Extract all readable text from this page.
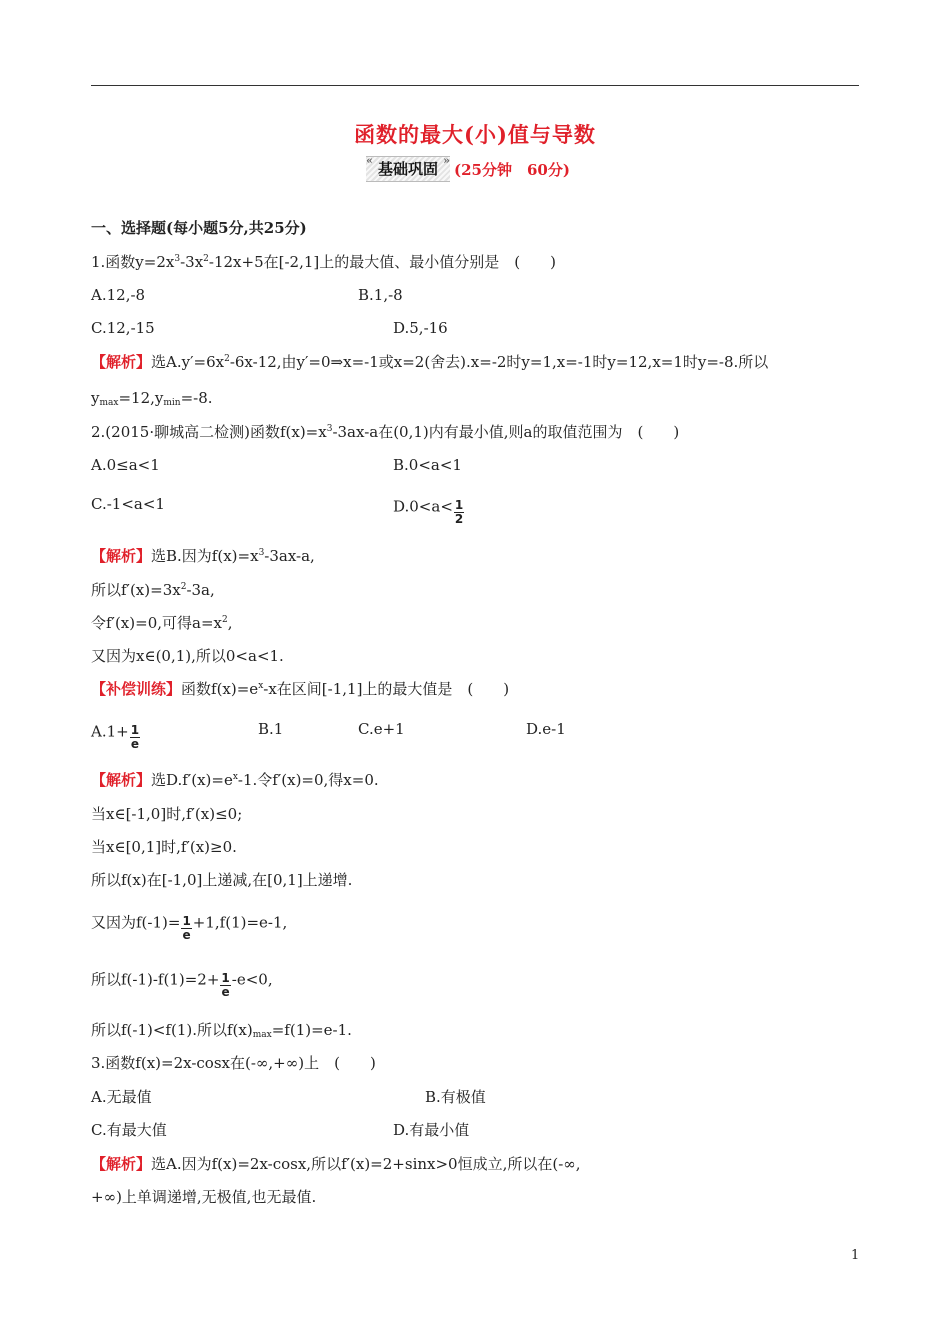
函数的最大(小)值与导数
« 基础巩固 »	(25分钟　60分)
一、选择题(每小题5分,共25分)
1.函数$y=2x^3-3x^2-12x+5$在[-2,1]上的最大值、最小值分别是　(　　)
A.12,-8	B.1,-8
C.12,-15	D.5,-16
【解析】选$A.y'=6x^2-6x-12$,由y′=0⇒x=-1或x=2(舍去).x=-2时y=1,x=-1时y=12,x=1时y=-8.所以
$y_{max}=12,y_{min}=-8$.
2.(2015·聊城高二检测)函数$f(x)=x^3-3ax-a$在(0,1)内有最小值,则a的取值范围为　(　　)
A.0≤a<1	B.0<a<1
C.-1<a<1	$D.0<a< \frac{1}{2}$
【解析】选B.因为$f(x)=x^3-3ax-a$,
所以$f'(x)=3x^2-3a$,
令f′(x)=0,可得$a=x^2$,
又因为x∈(0,1),所以0<a<1.
【补偿训练】函数$f(x)=e^x-x$在区间[-1,1]上的最大值是　(　　)
$A.1+ \frac{1}{e}$	B.1	C.e+1	D.e-1
【解析】选$D.f'(x)=e^x-1$.令f′(x)=0,得x=0.
当x∈[-1,0]时,f′(x)≤0;
当x∈[0,1]时,f′(x)≥0.
所以f(x)在[-1,0]上递减,在[0,1]上递增.
又因为$f(-1)= \frac{1}{e} +1,f(1)=e-1$,
所以$f(-1)-f(1)=2+ \frac{1}{e} -e<0$,
所以f(-1)<f(1).所以$f(x)_{max}=f(1)=e-1$.
3.函数f(x)=2x-cosx在(-∞,+∞)上　(　　)
A.无最值	B.有极值
C.有最大值	D.有最小值
【解析】选A.因为f(x)=2x-cosx,所以f′(x)=2+sinx>0恒成立,所以在(-∞,
+∞)上单调递增,无极值,也无最值.
1
